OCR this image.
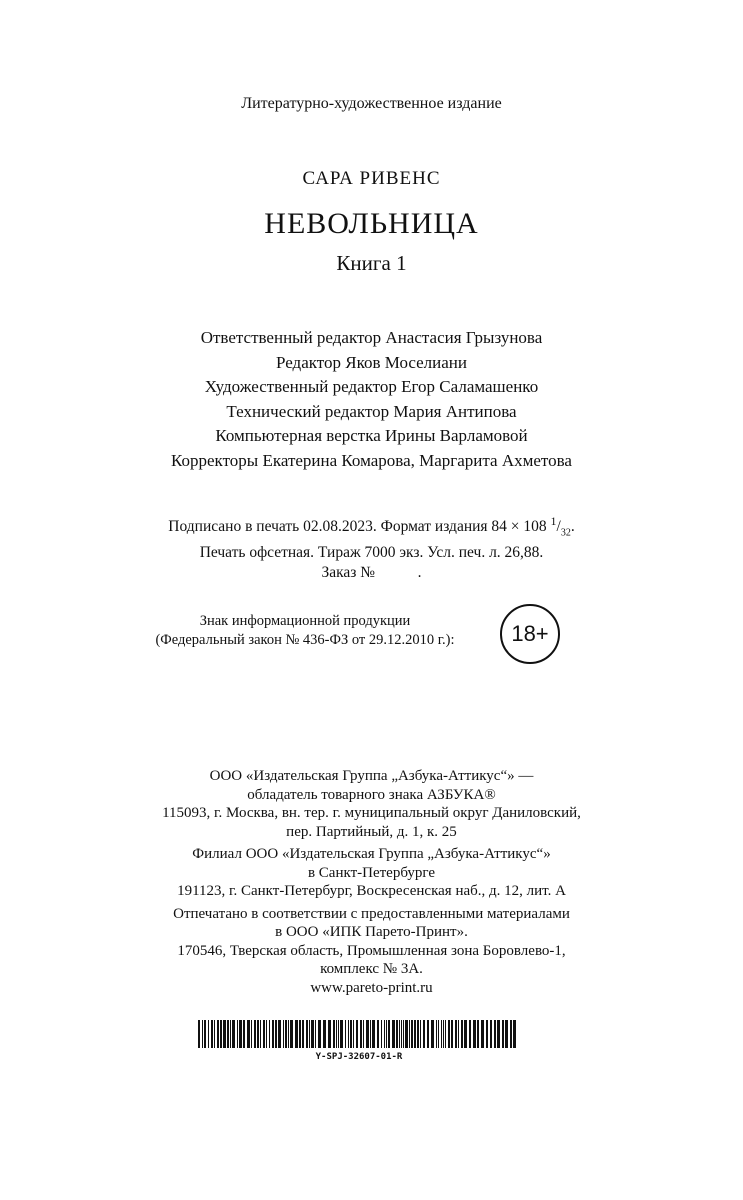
Литературно-художественное издание
САРА РИВЕНС
НЕВОЛЬНИЦА
Книга 1
Ответственный редактор Анастасия Грызунова
Редактор Яков Моселиани
Художественный редактор Егор Саламашенко
Технический редактор Мария Антипова
Компьютерная верстка Ирины Варламовой
Корректоры Екатерина Комарова, Маргарита Ахметова
Подписано в печать 02.08.2023. Формат издания 84 × 108 $^1/_{32}$.
Печать офсетная. Тираж 7000 экз. Усл. печ. л. 26,88.
Заказ №	.
Знак информационной продукции
(Федеральный закон № 436-ФЗ от 29.12.2010 г.):	18+
ООО «Издательская Группа „Азбука-Аттикус“» —
обладатель товарного знака АЗБУКА®
115093, г. Москва, вн. тер. г. муниципальный округ Даниловский,
пер. Партийный, д. 1, к. 25
Филиал ООО «Издательская Группа „Азбука-Аттикус“»
в Санкт-Петербурге
191123, г. Санкт-Петербург, Воскресенская наб., д. 12, лит. А
Отпечатано в соответствии с предоставленными материалами
в ООО «ИПК Парето-Принт».
170546, Тверская область, Промышленная зона Боровлево-1,
комплекс № 3А.
www.pareto-print.ru
Y-SPJ-32607-01-R
